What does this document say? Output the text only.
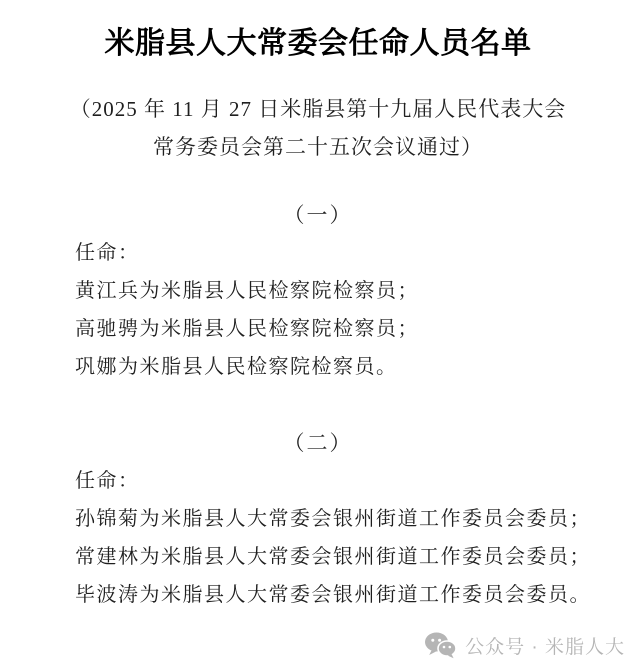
米脂县人大常委会任命人员名单
（2025 年 11 月 27 日米脂县第十九届人民代表大会
常务委员会第二十五次会议通过）
（一）

任命：

黄江兵为米脂县人民检察院检察员；

高驰骋为米脂县人民检察院检察员；

巩娜为米脂县人民检察院检察员。

（二）

任命：

孙锦菊为米脂县人大常委会银州街道工作委员会委员；

常建林为米脂县人大常委会银州街道工作委员会委员；

毕波涛为米脂县人大常委会银州街道工作委员会委员。

公众号 · 米脂人大
